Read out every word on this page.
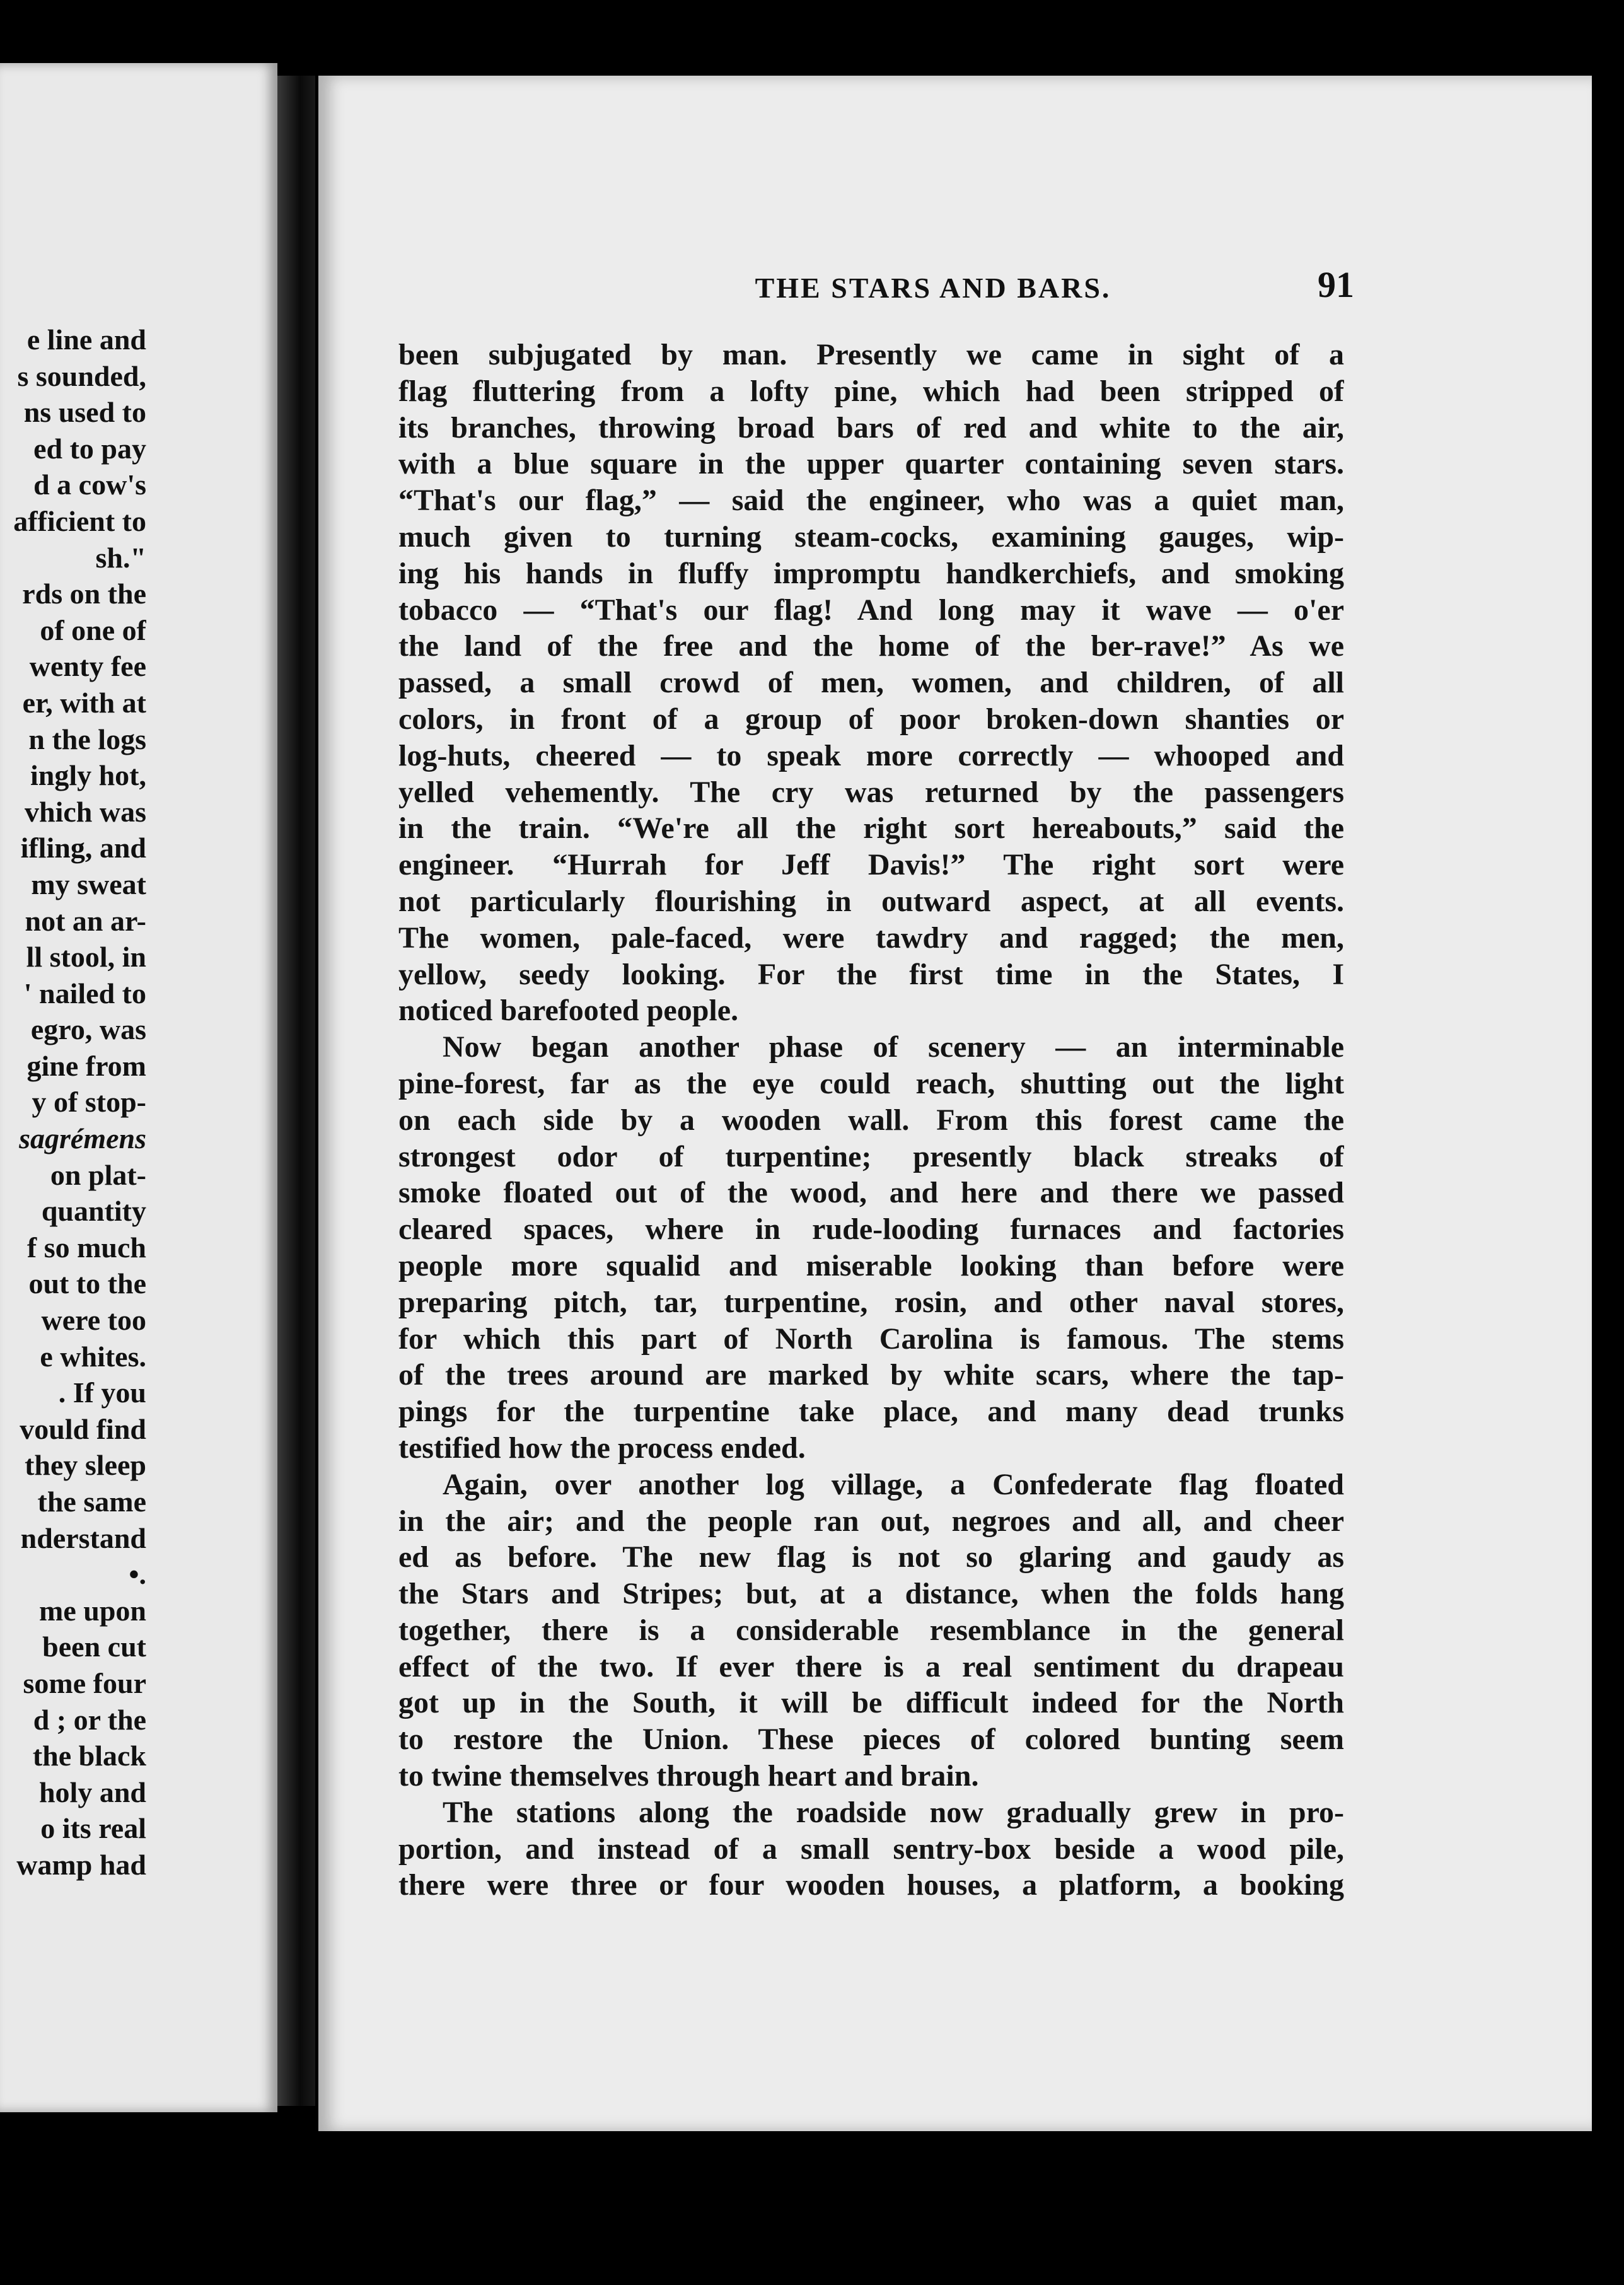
e line and
s sounded,
ns used to
ed to pay
d a cow's
afficient to
sh."
rds on the
of one of
wenty fee
er, with at
n the logs
ingly hot,
vhich was
ifling, and
my sweat
not an ar-
ll stool, in
' nailed to
egro, was
gine from
y of stop-
sagrémens
on plat-
quantity
f so much
out to the
were too
e whites.
. If you
vould find
they sleep
the same
nderstand
•.
me upon
been cut
some four
d ; or the
the black
holy and
o its real
wamp had
THE STARS AND BARS.	91
been subjugated by man. Presently we came in sight of a
flag fluttering from a lofty pine, which had been stripped of
its branches, throwing broad bars of red and white to the air,
with a blue square in the upper quarter containing seven stars.
“That's our flag,” — said the engineer, who was a quiet man,
much given to turning steam-cocks, examining gauges, wip-
ing his hands in fluffy impromptu handkerchiefs, and smoking
tobacco — “That's our flag! And long may it wave — o'er
the land of the free and the home of the ber-rave!” As we
passed, a small crowd of men, women, and children, of all
colors, in front of a group of poor broken-down shanties or
log-huts, cheered — to speak more correctly — whooped and
yelled vehemently. The cry was returned by the passengers
in the train. “We're all the right sort hereabouts,” said the
engineer. “Hurrah for Jeff Davis!” The right sort were
not particularly flourishing in outward aspect, at all events.
The women, pale-faced, were tawdry and ragged; the men,
yellow, seedy looking. For the first time in the States, I
noticed barefooted people.
Now began another phase of scenery — an interminable
pine-forest, far as the eye could reach, shutting out the light
on each side by a wooden wall. From this forest came the
strongest odor of turpentine; presently black streaks of
smoke floated out of the wood, and here and there we passed
cleared spaces, where in rude-looding furnaces and factories
people more squalid and miserable looking than before were
preparing pitch, tar, turpentine, rosin, and other naval stores,
for which this part of North Carolina is famous. The stems
of the trees around are marked by white scars, where the tap-
pings for the turpentine take place, and many dead trunks
testified how the process ended.
Again, over another log village, a Confederate flag floated
in the air; and the people ran out, negroes and all, and cheer
ed as before. The new flag is not so glaring and gaudy as
the Stars and Stripes; but, at a distance, when the folds hang
together, there is a considerable resemblance in the general
effect of the two. If ever there is a real sentiment du drapeau
got up in the South, it will be difficult indeed for the North
to restore the Union. These pieces of colored bunting seem
to twine themselves through heart and brain.
The stations along the roadside now gradually grew in pro-
portion, and instead of a small sentry-box beside a wood pile,
there were three or four wooden houses, a platform, a booking
